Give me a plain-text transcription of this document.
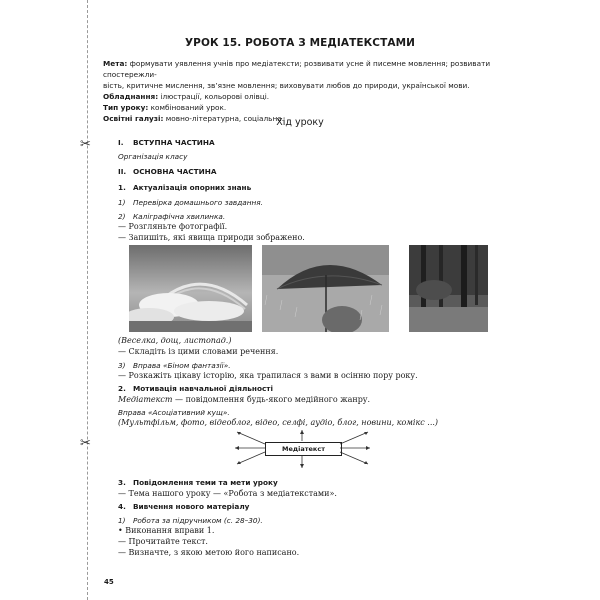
✂
✂
УРОК 15. РОБОТА З МЕДІАТЕКСТАМИ
Мета: формувати уявлення учнів про медіатексти; розвивати усне й писемне мовлення; розвивати спостережли-
вість, критичне мислення, зв’язне мовлення; виховувати любов до природи, української мови.
Обладнання: ілюстрації, кольорові олівці.
Тип уроку: комбінований урок.
Освітні галузі: мовно-літературна, соціальна.
Хід уроку
I. ВСТУПНА ЧАСТИНА
Організація класу
II. ОСНОВНА ЧАСТИНА
1. Актуалізація опорних знань
1) Перевірка домашнього завдання.
2) Каліграфічна хвилинка.
— Розгляньте фотографії.
— Запишіть, які явища природи зображено.
(Веселка, дощ, листопад.)
— Складіть із цими словами речення.
3) Вправа «Біном фантазії».
— Розкажіть цікаву історію, яка трапилася з вами в осінню пору року.
2. Мотивація навчальної діяльності
Медіатекст — повідомлення будь-якого медійного жанру.
Вправа «Асоціативний кущ».
(Мультфільм, фото, відеоблог, відео, селфі, аудіо, блог, новини, комікс ...)
Медіатекст
3. Повідомлення теми та мети уроку
— Тема нашого уроку — «Робота з медіатекстами».
4. Вивчення нового матеріалу
1) Робота за підручником (с. 28–30).
• Виконання вправи 1.
— Прочитайте текст.
— Визначте, з якою метою його написано.
45
